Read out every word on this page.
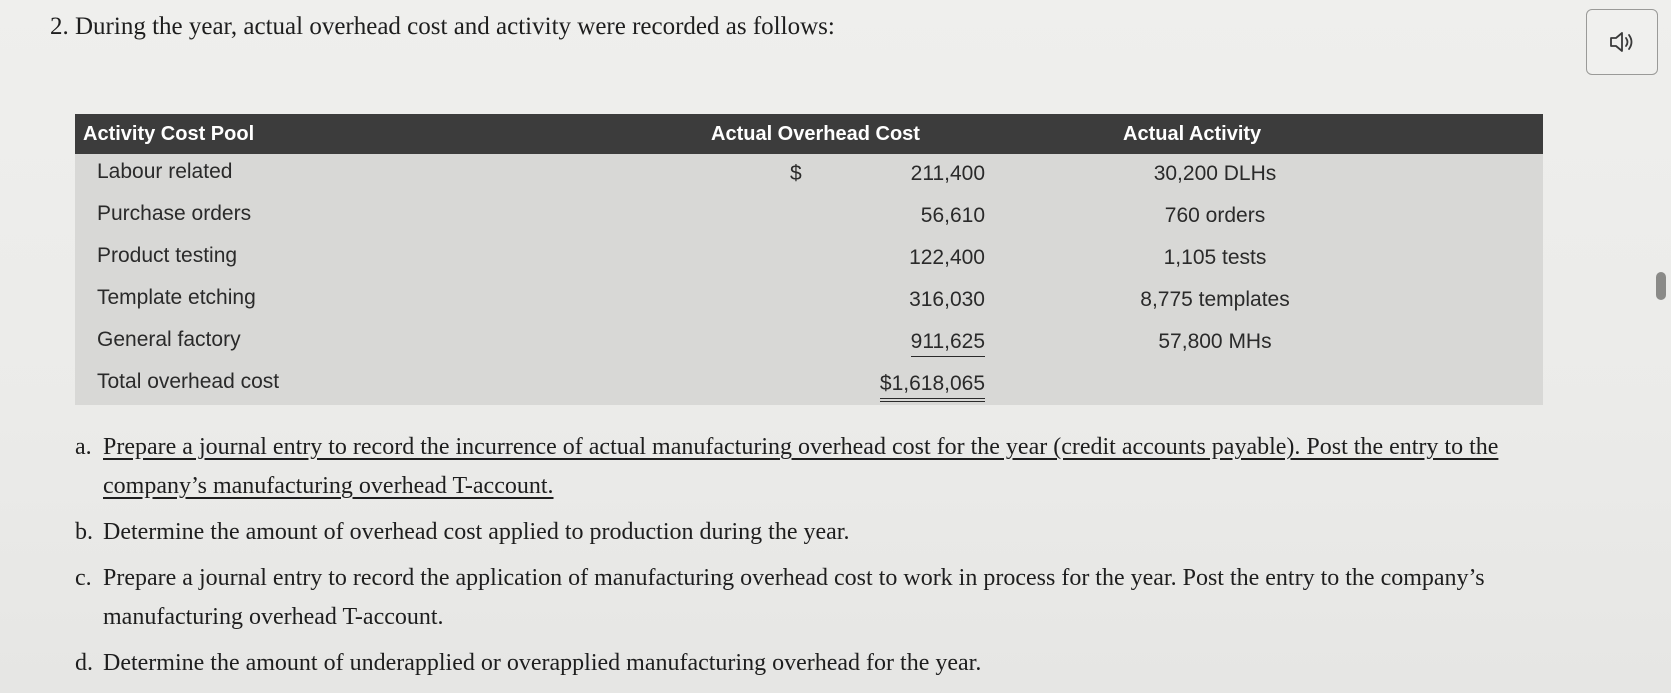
2. During the year, actual overhead cost and activity were recorded as follows:
Activity Cost Pool	Actual Overhead Cost	Actual Activity
Labour related	$	211,400	30,200 DLHs
Purchase orders	56,610	760 orders
Product testing	122,400	1,105 tests
Template etching	316,030	8,775 templates
General factory	911,625	57,800 MHs
Total overhead cost	$1,618,065
a. Prepare a journal entry to record the incurrence of actual manufacturing overhead cost for the year (credit accounts payable). Post the entry to the company’s manufacturing overhead T-account.
b. Determine the amount of overhead cost applied to production during the year.
c. Prepare a journal entry to record the application of manufacturing overhead cost to work in process for the year. Post the entry to the company’s manufacturing overhead T-account.
d. Determine the amount of underapplied or overapplied manufacturing overhead for the year.
